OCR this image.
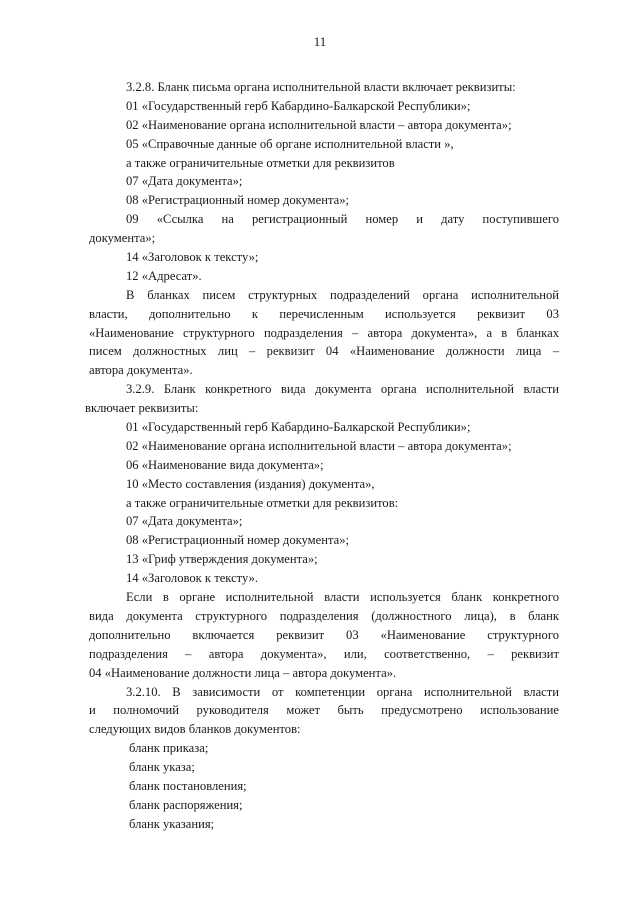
11
3.2.8. Бланк письма органа исполнительной власти включает реквизиты:
01 «Государственный герб Кабардино-Балкарской Республики»;
02 «Наименование органа исполнительной власти – автора документа»;
05 «Справочные данные об органе исполнительной власти »,
а также ограничительные отметки для реквизитов
07 «Дата документа»;
08 «Регистрационный номер документа»;
09 «Ссылка на регистрационный номер и дату поступившего
документа»;
14 «Заголовок к тексту»;
12 «Адресат».
В бланках писем структурных подразделений органа исполнительной
власти, дополнительно к перечисленным используется реквизит 03
«Наименование структурного подразделения – автора документа», а в бланках
писем должностных лиц – реквизит 04 «Наименование должности лица –
автора документа».
3.2.9. Бланк конкретного вида документа органа исполнительной власти
включает реквизиты:
01 «Государственный герб Кабардино-Балкарской Республики»;
02 «Наименование органа исполнительной власти – автора документа»;
06 «Наименование вида документа»;
10 «Место составления (издания) документа»,
а также ограничительные отметки для реквизитов:
07 «Дата документа»;
08 «Регистрационный номер документа»;
13 «Гриф утверждения документа»;
14 «Заголовок к тексту».
Если в органе исполнительной власти используется бланк конкретного
вида документа структурного подразделения (должностного лица), в бланк
дополнительно включается реквизит 03 «Наименование структурного
подразделения – автора документа», или, соответственно, – реквизит
04 «Наименование должности лица – автора документа».
3.2.10. В зависимости от компетенции органа исполнительной власти
и полномочий руководителя может быть предусмотрено использование
следующих видов бланков документов:
бланк приказа;
бланк указа;
бланк постановления;
бланк распоряжения;
бланк указания;
